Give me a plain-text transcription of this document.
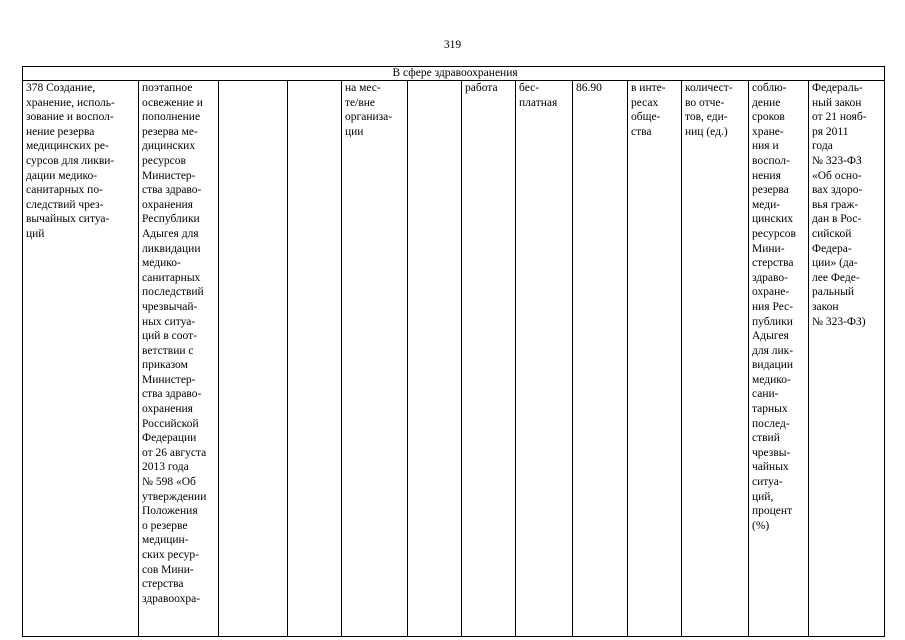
319
В сфере здравоохранения
378 Создание,
хранение, исполь-
зование и воспол-
нение резерва
медицинских ре-
сурсов для ликви-
дации медико-
санитарных по-
следствий чрез-
вычайных ситуа-
ций	поэтапное
освежение и
пополнение
резерва ме-
дицинских
ресурсов
Министер-
ства здраво-
охранения
Республики
Адыгея для
ликвидации
медико-
санитарных
последствий
чрезвычай-
ных ситуа-
ций в соот-
ветствии с
приказом
Министер-
ства здраво-
охранения
Российской
Федерации
от 26 августа
2013 года
№ 598 «Об
утверждении
Положения
о резерве
медицин-
ских ресур-
сов Мини-
стерства
здравоохра-			на мес-
те/вне
организа-
ции		работа	бес-
платная	86.90	в инте-
ресах
обще-
ства	количест-
во отче-
тов, еди-
ниц (ед.)	соблю-
дение
сроков
хране-
ния и
воспол-
нения
резерва
меди-
цинских
ресурсов
Мини-
стерства
здраво-
охране-
ния Рес-
публики
Адыгея
для лик-
видации
медико-
сани-
тарных
послед-
ствий
чрезвы-
чайных
ситуа-
ций,
процент
(%)	Федераль-
ный закон
от 21 нояб-
ря 2011
года
№ 323-ФЗ
«Об осно-
вах здоро-
вья граж-
дан в Рос-
сийской
Федера-
ции» (да-
лее Феде-
ральный
закон
№ 323-ФЗ)
